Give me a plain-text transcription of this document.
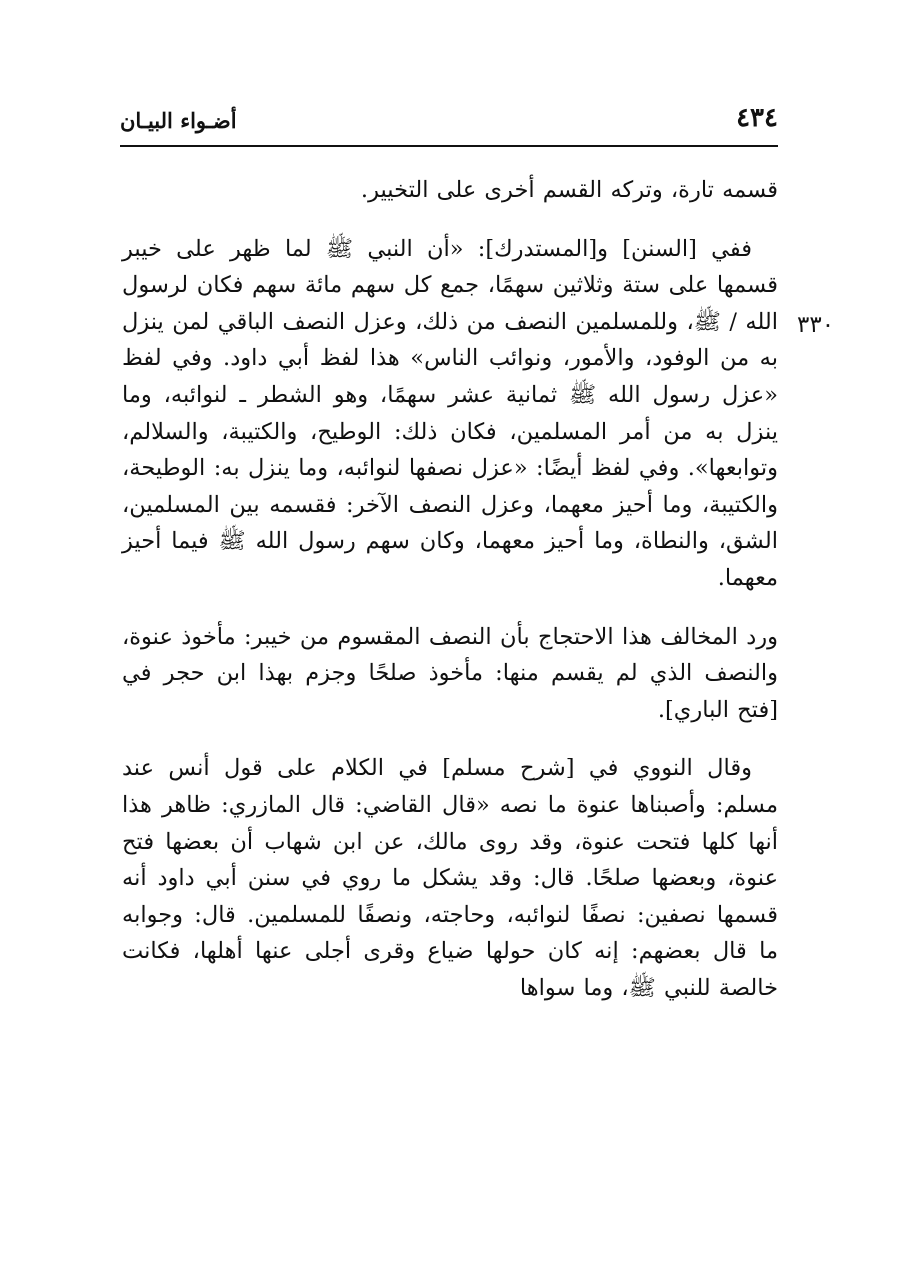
٤٣٤
أضـواء البيـان
٣٣٠

قسمه تارة، وتركه القسم أخرى على التخيير.

ففي [السنن] و[المستدرك]: «أن النبي ﷺ لما ظهر على خيبر قسمها على ستة وثلاثين سهمًا، جمع كل سهم مائة سهم فكان لرسول الله / ﷺ، وللمسلمين النصف من ذلك، وعزل النصف الباقي لمن ينزل به من الوفود، والأمور، ونوائب الناس» هذا لفظ أبي داود. وفي لفظ «عزل رسول الله ﷺ ثمانية عشر سهمًا، وهو الشطر ـ لنوائبه، وما ينزل به من أمر المسلمين، فكان ذلك: الوطيح، والكتيبة، والسلالم، وتوابعها». وفي لفظ أيضًا: «عزل نصفها لنوائبه، وما ينزل به: الوطيحة، والكتيبة، وما أحيز معهما، وعزل النصف الآخر: فقسمه بين المسلمين، الشق، والنطاة، وما أحيز معهما، وكان سهم رسول الله ﷺ فيما أحيز معهما.

ورد المخالف هذا الاحتجاج بأن النصف المقسوم من خيبر: مأخوذ عنوة، والنصف الذي لم يقسم منها: مأخوذ صلحًا وجزم بهذا ابن حجر في [فتح الباري].

وقال النووي في [شرح مسلم] في الكلام على قول أنس عند مسلم: وأصبناها عنوة ما نصه «قال القاضي: قال المازري: ظاهر هذا أنها كلها فتحت عنوة، وقد روى مالك، عن ابن شهاب أن بعضها فتح عنوة، وبعضها صلحًا. قال: وقد يشكل ما روي في سنن أبي داود أنه قسمها نصفين: نصفًا لنوائبه، وحاجته، ونصفًا للمسلمين. قال: وجوابه ما قال بعضهم: إنه كان حولها ضياع وقرى أجلى عنها أهلها، فكانت خالصة للنبي ﷺ، وما سواها
